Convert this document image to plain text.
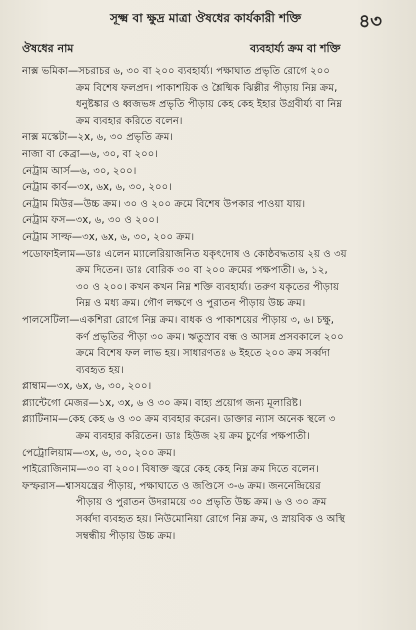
সূক্ষ্ম বা ক্ষুদ্র মাত্রা ঔষধের কার্যকারী শক্তি	৪৩
ঔষধের নাম	ব্যবহার্য্য ক্রম বা শক্তি
নাক্স ভমিকা—সচরাচর ৬, ৩০ বা ২০০ ব্যবহার্য্য। পক্ষাঘাত প্রভৃতি রোগে ২০০
ক্রম বিশেষ ফলপ্রদ। পাকাশয়িক ও শ্লৈষ্মিক ঝিল্লীর পীড়ায় নিম্ন ক্রম,
ধনুষ্টঙ্কার ও ধ্বজভঙ্গ প্রভৃতি পীড়ায় কেহ কেহ ইহার উগ্রবীর্য্য বা নিম্ন
ক্রম ব্যবহার করিতে বলেন।
নাক্স মস্কেটা—২x, ৬, ৩০ প্রভৃতি ক্রম।
নাজা বা কেব্রা—৬, ৩০, বা ২০০।
নেট্রাম আর্স—৬, ৩০, ২০০।
নেট্রাম কার্ব—৩x, ৬x, ৬, ৩০, ২০০।
নেট্রাম মিউর—উচ্চ ক্রম। ৩০ ও ২০০ ক্রমে বিশেষ উপকার পাওয়া যায়।
নেট্রাম ফস—৩x, ৬, ৩০ ও ২০০।
নেট্রাম সাল্ফ—৩x, ৬x, ৬, ৩০, ২০০ ক্রম।
পডোফাইলাম—ডাঃ এলেন ম্যালেরিয়াজনিত যকৃৎদোষ ও কোষ্ঠবদ্ধতায় ২য় ও ৩য়
ক্রম দিতেন। ডাঃ বোরিক ৩০ বা ২০০ ক্রমের পক্ষপাতী। ৬, ১২,
৩০ ও ২০০। কখন কখন নিম্ন শক্তি ব্যবহার্য্য। তরুণ যকৃতের পীড়ায়
নিম্ন ও মধ্য ক্রম। গৌণ লক্ষণে ও পুরাতন পীড়ায় উচ্চ ক্রম।
পালসেটিলা—একশিরা রোগে নিম্ন ক্রম। বাধক ও পাকাশয়ের পীড়ায় ৩, ৬। চক্ষু,
কর্ণ প্রভৃতির পীড়া ৩০ ক্রম। ঋতুস্রাব বন্ধ ও আসন্ন প্রসবকালে ২০০
ক্রমে বিশেষ ফল লাভ হয়। সাধারণতঃ ৬ ইহতে ২০০ ক্রম সর্ব্বদা
ব্যবহৃত হয়।
প্লাম্বাম—৩x, ৬x, ৬, ৩০, ২০০।
প্ল্যান্টেগো মেজর—১x, ৩x, ৬ ও ৩০ ক্রম। বাহ্য প্রয়োগ জন্য মূলারিষ্ট।
প্ল্যাটিনাম—কেহ কেহ ৬ ও ৩০ ক্রম ব্যবহার করেন। ডাক্তার ন্যাস অনেক স্থলে ৩
ক্রম ব্যবহার করিতেন। ডাঃ হিউজ ২য় ক্রম চুর্ণের পক্ষপাতী।
পেট্রোলিয়াম—৩x, ৬, ৩০, ২০০ ক্রম।
পাইরোজিনাম—৩০ বা ২০০। বিষাক্ত জ্বরে কেহ কেহ নিম্ন ক্রম দিতে বলেন।
ফস্ফরাস—শ্বাসযন্ত্রের পীড়ায়, পক্ষাঘাতে ও জণ্ডিসে ৩-৬ ক্রম। জননেন্দ্রিয়ের
পীড়ায় ও পুরাতন উদরাময়ে ৩০ প্রভৃতি উচ্চ ক্রম। ৬ ও ৩০ ক্রম
সর্ব্বদা ব্যবহৃত হয়। নিউমোনিয়া রোগে নিম্ন ক্রম, ও স্নায়বিক ও অস্থি
সম্বন্ধীয় পীড়ায় উচ্চ ক্রম।
